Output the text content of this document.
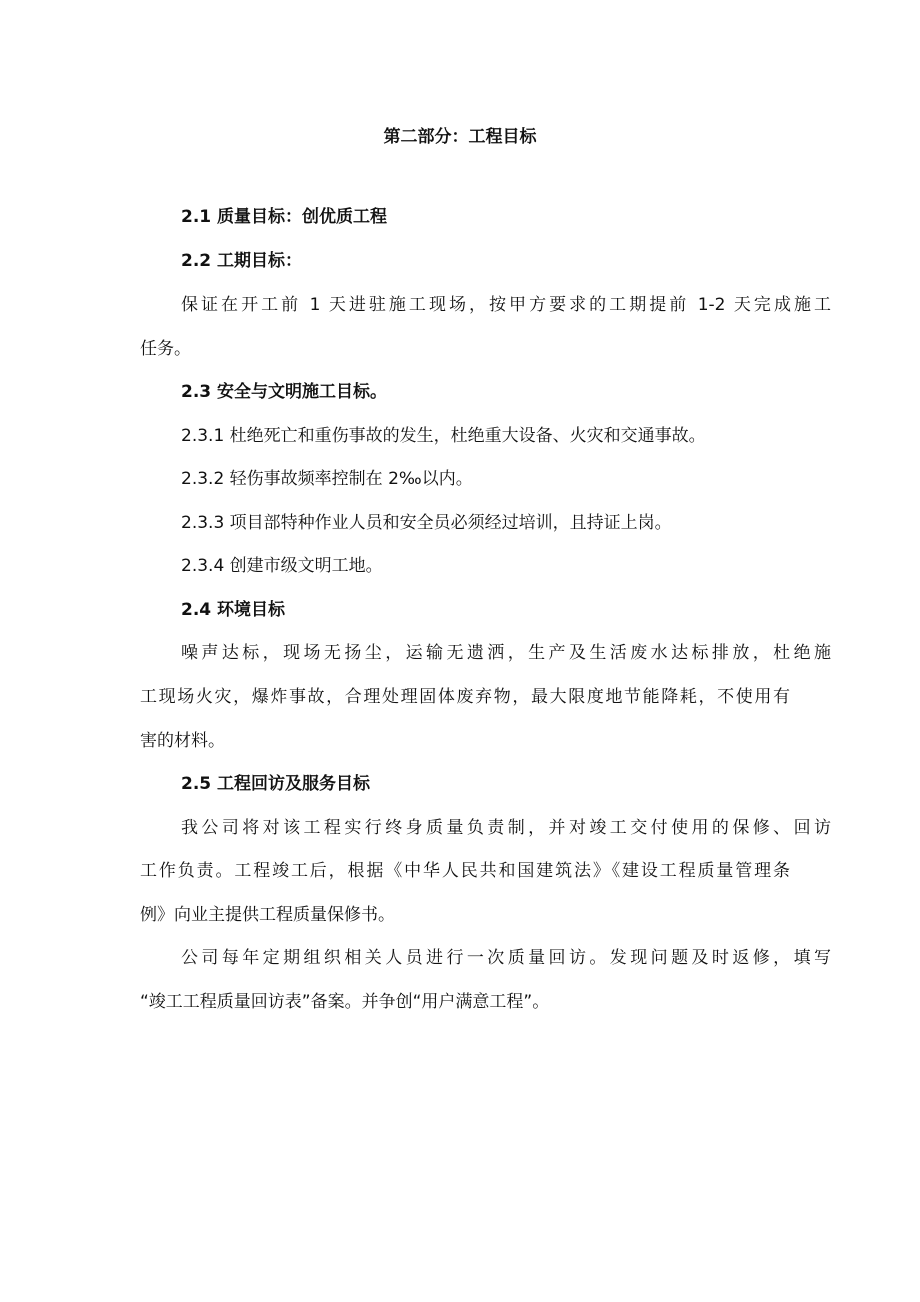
第二部分：工程目标
2.1 质量目标：创优质工程
2.2 工期目标：
保证在开工前 1 天进驻施工现场，按甲方要求的工期提前 1-2 天完成施工
任务。
2.3 安全与文明施工目标。
2.3.1 杜绝死亡和重伤事故的发生，杜绝重大设备、火灾和交通事故。
2.3.2 轻伤事故频率控制在 2‰以内。
2.3.3 项目部特种作业人员和安全员必须经过培训，且持证上岗。
2.3.4 创建市级文明工地。
2.4 环境目标
噪声达标，现场无扬尘，运输无遗洒，生产及生活废水达标排放，杜绝施
工现场火灾，爆炸事故，合理处理固体废弃物，最大限度地节能降耗，不使用有
害的材料。
2.5 工程回访及服务目标
我公司将对该工程实行终身质量负责制，并对竣工交付使用的保修、回访
工作负责。工程竣工后，根据《中华人民共和国建筑法》《建设工程质量管理条
例》向业主提供工程质量保修书。
公司每年定期组织相关人员进行一次质量回访。发现问题及时返修，填写
“竣工工程质量回访表”备案。并争创“用户满意工程”。
